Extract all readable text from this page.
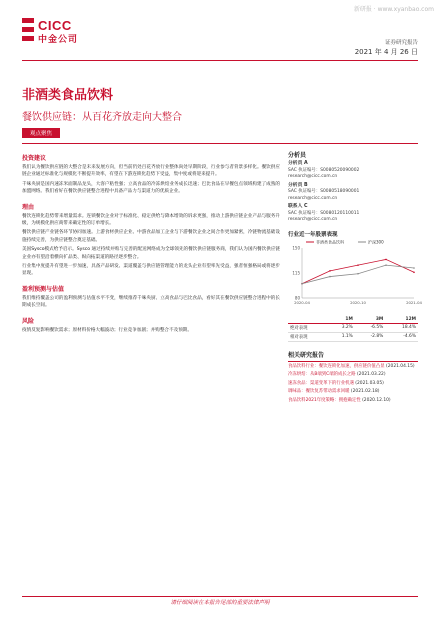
新研报 · www.xyanbao.com
CICC
中金公司	证券研究报告
2021 年 4 月 26 日
非酒类食品饮料
餐饮供应链：从百花齐放走向大整合
观点聚焦
投资建议
我们认为餐饮供应链的大整合是未来发展方向，但当前仍处百花齐放行业整体尚处早期阶段，行业参与者背景多样化。餐饮供应链企业通过标准化与规模化不断提升效率，有望在下游连锁化趋势下受益，集中度或将迎来提升。
千味央厨是国内速冻米面制品龙头，大客户粘性强；立高食品的冷冻烘焙业务成长迅速；巴比食品在早餐包点领域构建了成熟的加盟网络。我们看好在餐饮供应链整合进程中具备产品力与渠道力的优质企业。
理由
餐饮连锁化趋势带来增量需求。连锁餐饮企业对于标准化、稳定供给与降本增效的诉求更强，推动上游供应链企业产品与服务升级，为规模化供应商带来确定性的订单增长。
餐饮供应链产业链各环节协同加速。上游食材供应企业、中游食品加工企业与下游餐饮企业之间合作更加紧密，冷链物流基础设施持续完善，为供应链整合奠定基础。
美国Sysco模式给予启示。Sysco 通过持续并购与完善的配送网络成为全球领先的餐饮供应链服务商，我们认为国内餐饮供应链企业亦有望沿着横向扩品类、纵向拓渠道的路径逐步整合。
行业集中度提升有望进一步加速，具备产品研发、渠道覆盖与供应链管理能力的龙头企业有望率先受益，强者恒强格局或将逐步显现。
盈利预测与估值
我们维持覆盖公司的盈利预测与估值水平不变，继续推荐千味央厨、立高食品与巴比食品，看好其在餐饮供应链整合进程中的长期成长空间。
风险
疫情反复影响餐饮需求；原材料价格大幅波动；行业竞争加剧；并购整合不及预期。
分析员
分析员 A
SAC 执证编号：S0080520090002
research@cicc.com.cn
分析员 B
SAC 执证编号：S0080518090001
research@cicc.com.cn
联系人 C
SAC 执证编号：S0080120110011
research@cicc.com.cn
行业近一年股票表现
80
115
150
2020-04	2020-10	2021-04
非酒类食品饮料	沪深300
	1M	3M	12M
绝对表现	3.2%	-6.5%	18.4%
相对表现	1.1%	-2.8%	-4.6%
相关研究报告
食品饮料行业：餐饮连锁化加速，供应链价值凸显 (2021.04.15)
冷冻烘焙：从B端到C端的成长之路 (2021.03.22)
速冻食品：渠道变革下的行业机遇 (2021.03.05)
调味品：餐饮复苏带动需求回暖 (2021.02.18)
食品饮料2021年度策略：拥抱确定性 (2020.12.10)
请仔细阅读在本报告尾部的重要法律声明
